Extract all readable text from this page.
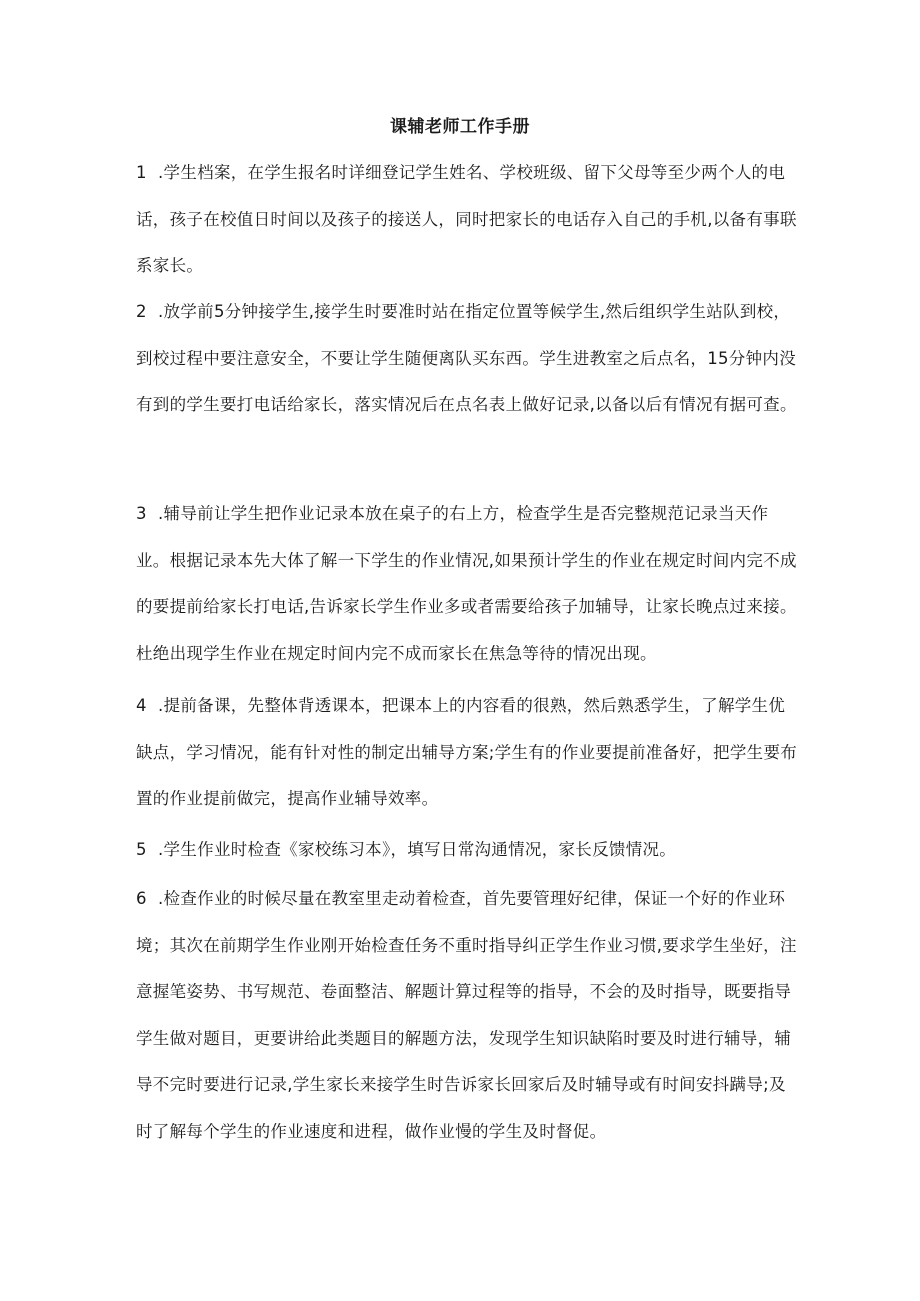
课辅老师工作手册

1 .学生档案，在学生报名时详细登记学生姓名、学校班级、留下父母等至少两个人的电话，孩子在校值日时间以及孩子的接送人，同时把家长的电话存入自己的手机,以备有事联系家长。

2 .放学前5分钟接学生,接学生时要准时站在指定位置等候学生,然后组织学生站队到校，到校过程中要注意安全，不要让学生随便离队买东西。学生进教室之后点名，15分钟内没有到的学生要打电话给家长，落实情况后在点名表上做好记录,以备以后有情况有据可查。

3 .辅导前让学生把作业记录本放在桌子的右上方，检查学生是否完整规范记录当天作业。根据记录本先大体了解一下学生的作业情况,如果预计学生的作业在规定时间内完不成的要提前给家长打电话,告诉家长学生作业多或者需要给孩子加辅导，让家长晚点过来接。杜绝出现学生作业在规定时间内完不成而家长在焦急等待的情况出现。

4 .提前备课，先整体背透课本，把课本上的内容看的很熟，然后熟悉学生，了解学生优缺点，学习情况，能有针对性的制定出辅导方案;学生有的作业要提前准备好，把学生要布置的作业提前做完，提高作业辅导效率。

5 .学生作业时检查《家校练习本》，填写日常沟通情况，家长反馈情况。

6 .检查作业的时候尽量在教室里走动着检查，首先要管理好纪律，保证一个好的作业环境；其次在前期学生作业刚开始检查任务不重时指导纠正学生作业习惯,要求学生坐好，注意握笔姿势、书写规范、卷面整洁、解题计算过程等的指导，不会的及时指导，既要指导学生做对题目，更要讲给此类题目的解题方法，发现学生知识缺陷时要及时进行辅导，辅导不完时要进行记录,学生家长来接学生时告诉家长回家后及时辅导或有时间安抖蹒导;及时了解每个学生的作业速度和进程，做作业慢的学生及时督促。
